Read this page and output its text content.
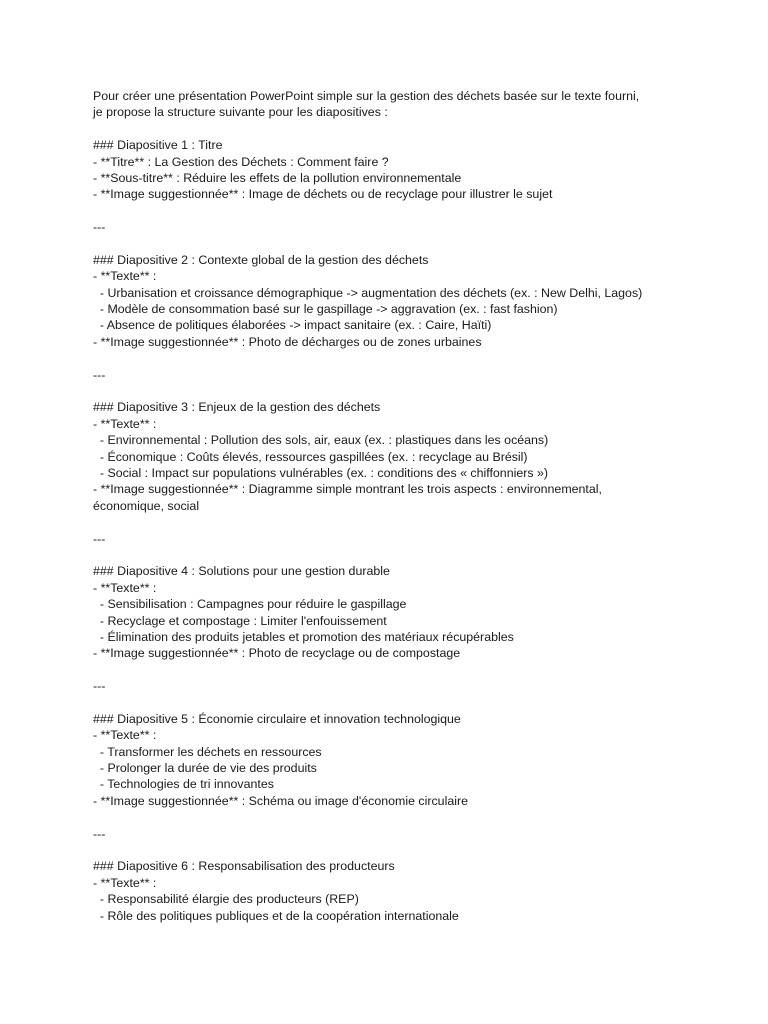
Pour créer une présentation PowerPoint simple sur la gestion des déchets basée sur le texte fourni,
je propose la structure suivante pour les diapositives :
### Diapositive 1 : Titre
- **Titre** : La Gestion des Déchets : Comment faire ?
- **Sous-titre** : Réduire les effets de la pollution environnementale
- **Image suggestionnée** : Image de déchets ou de recyclage pour illustrer le sujet
---
### Diapositive 2 : Contexte global de la gestion des déchets
- **Texte** :
- Urbanisation et croissance démographique -> augmentation des déchets (ex. : New Delhi, Lagos)
- Modèle de consommation basé sur le gaspillage -> aggravation (ex. : fast fashion)
- Absence de politiques élaborées -> impact sanitaire (ex. : Caire, Haïti)
- **Image suggestionnée** : Photo de décharges ou de zones urbaines
---
### Diapositive 3 : Enjeux de la gestion des déchets
- **Texte** :
- Environnemental : Pollution des sols, air, eaux (ex. : plastiques dans les océans)
- Économique : Coûts élevés, ressources gaspillées (ex. : recyclage au Brésil)
- Social : Impact sur populations vulnérables (ex. : conditions des « chiffonniers »)
- **Image suggestionnée** : Diagramme simple montrant les trois aspects : environnemental,
économique, social
---
### Diapositive 4 : Solutions pour une gestion durable
- **Texte** :
- Sensibilisation : Campagnes pour réduire le gaspillage
- Recyclage et compostage : Limiter l'enfouissement
- Élimination des produits jetables et promotion des matériaux récupérables
- **Image suggestionnée** : Photo de recyclage ou de compostage
---
### Diapositive 5 : Économie circulaire et innovation technologique
- **Texte** :
- Transformer les déchets en ressources
- Prolonger la durée de vie des produits
- Technologies de tri innovantes
- **Image suggestionnée** : Schéma ou image d'économie circulaire
---
### Diapositive 6 : Responsabilisation des producteurs
- **Texte** :
- Responsabilité élargie des producteurs (REP)
- Rôle des politiques publiques et de la coopération internationale
